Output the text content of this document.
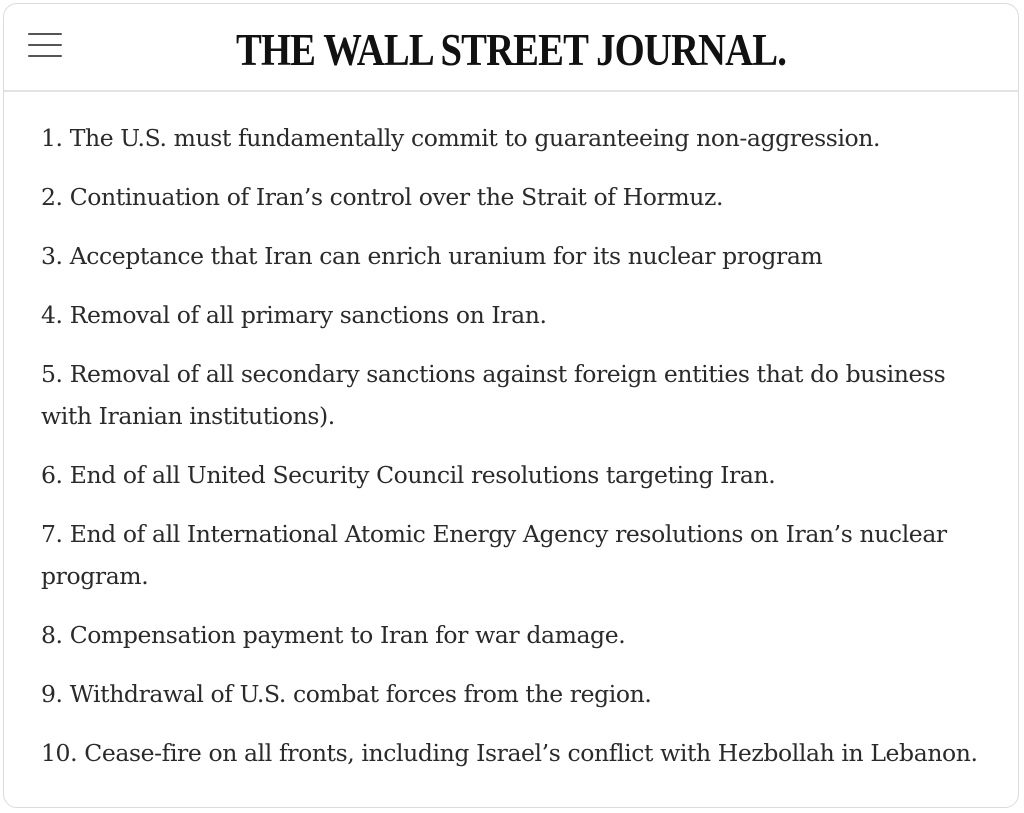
THE WALL STREET JOURNAL.
1. The U.S. must fundamentally commit to guaranteeing non-aggression.
2. Continuation of Iran’s control over the Strait of Hormuz.
3. Acceptance that Iran can enrich uranium for its nuclear program
4. Removal of all primary sanctions on Iran.
5. Removal of all secondary sanctions against foreign entities that do business with Iranian institutions).
6. End of all United Security Council resolutions targeting Iran.
7. End of all International Atomic Energy Agency resolutions on Iran’s nuclear program.
8. Compensation payment to Iran for war damage.
9. Withdrawal of U.S. combat forces from the region.
10. Cease-fire on all fronts, including Israel’s conflict with Hezbollah in Lebanon.
